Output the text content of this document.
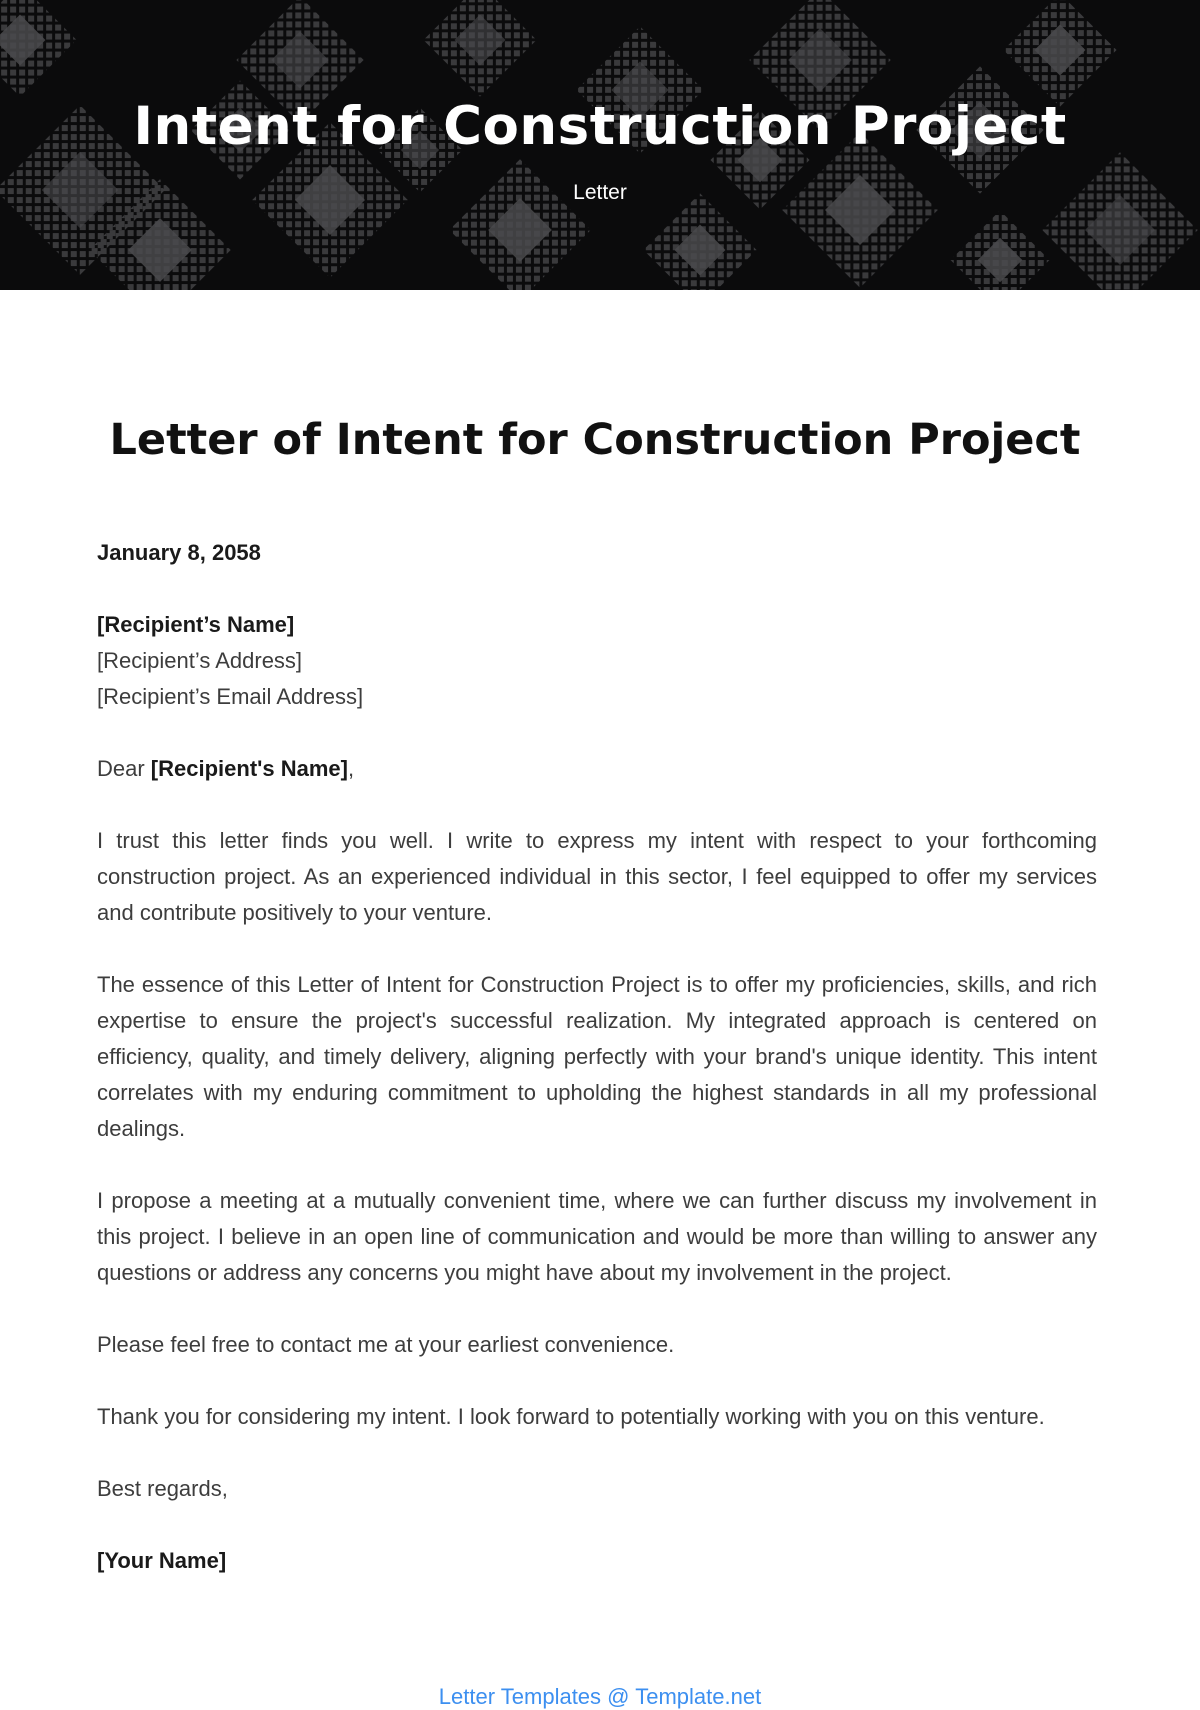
Intent for Construction Project
Letter
Letter of Intent for Construction Project

January 8, 2058

[Recipient’s Name]
[Recipient’s Address]
[Recipient’s Email Address]

Dear [Recipient's Name],

I trust this letter finds you well. I write to express my intent with respect to your forthcoming construction project. As an experienced individual in this sector, I feel equipped to offer my services and contribute positively to your venture.

The essence of this Letter of Intent for Construction Project is to offer my proficiencies, skills, and rich expertise to ensure the project's successful realization. My integrated approach is centered on efficiency, quality, and timely delivery, aligning perfectly with your brand's unique identity. This intent correlates with my enduring commitment to upholding the highest standards in all my professional dealings.

I propose a meeting at a mutually convenient time, where we can further discuss my involvement in this project. I believe in an open line of communication and would be more than willing to answer any questions or address any concerns you might have about my involvement in the project.

Please feel free to contact me at your earliest convenience.

Thank you for considering my intent. I look forward to potentially working with you on this venture.

Best regards,

[Your Name]

Letter Templates @ Template.net
